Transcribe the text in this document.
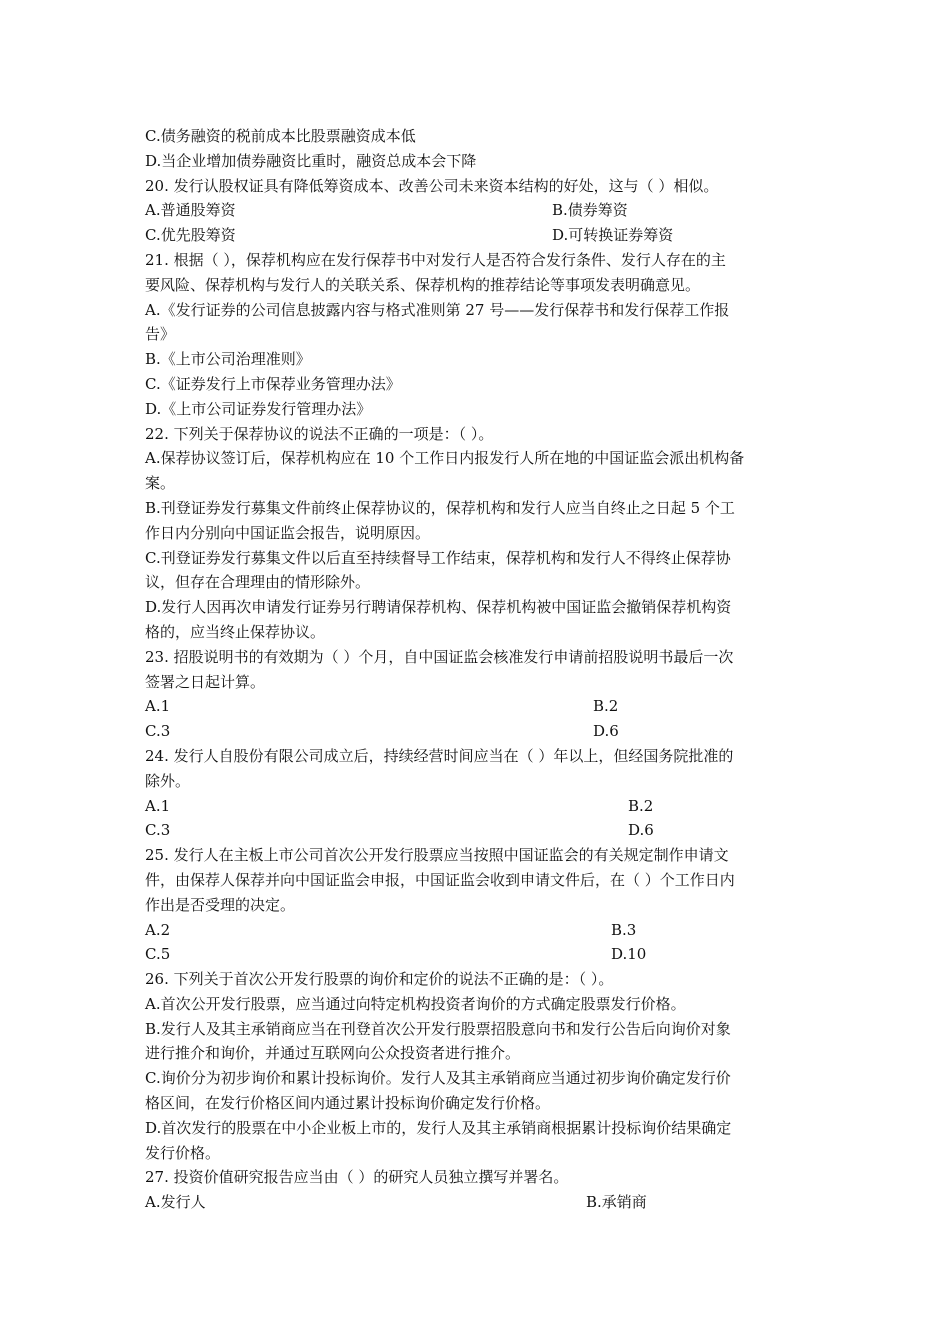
C.债务融资的税前成本比股票融资成本低
D.当企业增加债券融资比重时，融资总成本会下降
20. 发行认股权证具有降低筹资成本、改善公司未来资本结构的好处，这与（ ）相似。
A.普通股筹资	B.债券筹资
C.优先股筹资	D.可转换证券筹资
21. 根据（ ），保荐机构应在发行保荐书中对发行人是否符合发行条件、发行人存在的主
要风险、保荐机构与发行人的关联关系、保荐机构的推荐结论等事项发表明确意见。
A.《发行证券的公司信息披露内容与格式准则第 27 号——发行保荐书和发行保荐工作报
告》
B.《上市公司治理准则》
C.《证券发行上市保荐业务管理办法》
D.《上市公司证券发行管理办法》
22. 下列关于保荐协议的说法不正确的一项是：（ ）。
A.保荐协议签订后，保荐机构应在 10 个工作日内报发行人所在地的中国证监会派出机构备
案。
B.刊登证券发行募集文件前终止保荐协议的，保荐机构和发行人应当自终止之日起 5 个工
作日内分别向中国证监会报告，说明原因。
C.刊登证券发行募集文件以后直至持续督导工作结束，保荐机构和发行人不得终止保荐协
议，但存在合理理由的情形除外。
D.发行人因再次申请发行证券另行聘请保荐机构、保荐机构被中国证监会撤销保荐机构资
格的，应当终止保荐协议。
23. 招股说明书的有效期为（ ）个月，自中国证监会核准发行申请前招股说明书最后一次
签署之日起计算。
A.1	B.2
C.3	D.6
24. 发行人自股份有限公司成立后，持续经营时间应当在（ ）年以上，但经国务院批准的
除外。
A.1	B.2
C.3	D.6
25. 发行人在主板上市公司首次公开发行股票应当按照中国证监会的有关规定制作申请文
件，由保荐人保荐并向中国证监会申报，中国证监会收到申请文件后，在（ ）个工作日内
作出是否受理的决定。
A.2	B.3
C.5	D.10
26. 下列关于首次公开发行股票的询价和定价的说法不正确的是：（ ）。
A.首次公开发行股票，应当通过向特定机构投资者询价的方式确定股票发行价格。
B.发行人及其主承销商应当在刊登首次公开发行股票招股意向书和发行公告后向询价对象
进行推介和询价，并通过互联网向公众投资者进行推介。
C.询价分为初步询价和累计投标询价。发行人及其主承销商应当通过初步询价确定发行价
格区间，在发行价格区间内通过累计投标询价确定发行价格。
D.首次发行的股票在中小企业板上市的，发行人及其主承销商根据累计投标询价结果确定
发行价格。
27. 投资价值研究报告应当由（ ）的研究人员独立撰写并署名。
A.发行人	B.承销商
